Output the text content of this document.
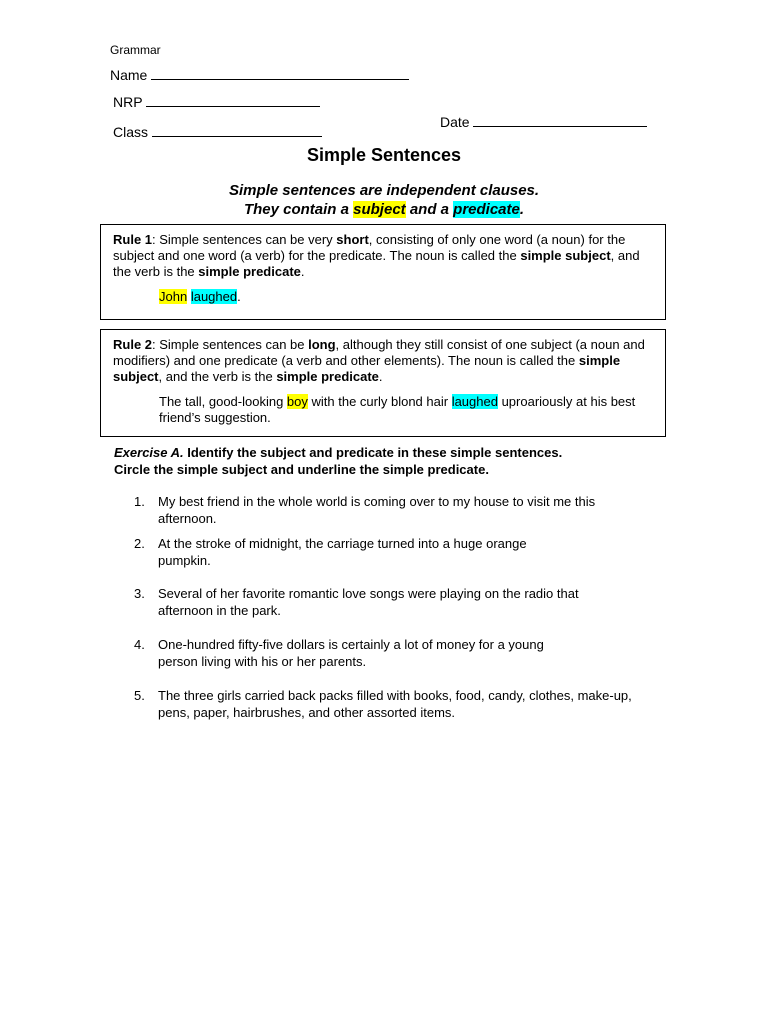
Grammar
Name
NRP
Class
Date
Simple Sentences
Simple sentences are independent clauses.
They contain a subject and a predicate.

Rule 1: Simple sentences can be very short, consisting of only one word (a noun) for the subject and one word (a verb) for the predicate. The noun is called the simple subject, and the verb is the simple predicate.

John laughed.

Rule 2: Simple sentences can be long, although they still consist of one subject (a noun and modifiers) and one predicate (a verb and other elements). The noun is called the simple subject, and the verb is the simple predicate.

The tall, good-looking boy with the curly blond hair laughed uproariously at his best friend’s suggestion.

Exercise A. Identify the subject and predicate in these simple sentences.
Circle the simple subject and underline the simple predicate.
1.	My best friend in the whole world is coming over to my house to visit me this afternoon.
2.	At the stroke of midnight, the carriage turned into a huge orange pumpkin.
3.	Several of her favorite romantic love songs were playing on the radio that afternoon in the park.
4.	One-hundred fifty-five dollars is certainly a lot of money for a young person living with his or her parents.
5.	The three girls carried back packs filled with books, food, candy, clothes, make-up, pens, paper, hairbrushes, and other assorted items.
